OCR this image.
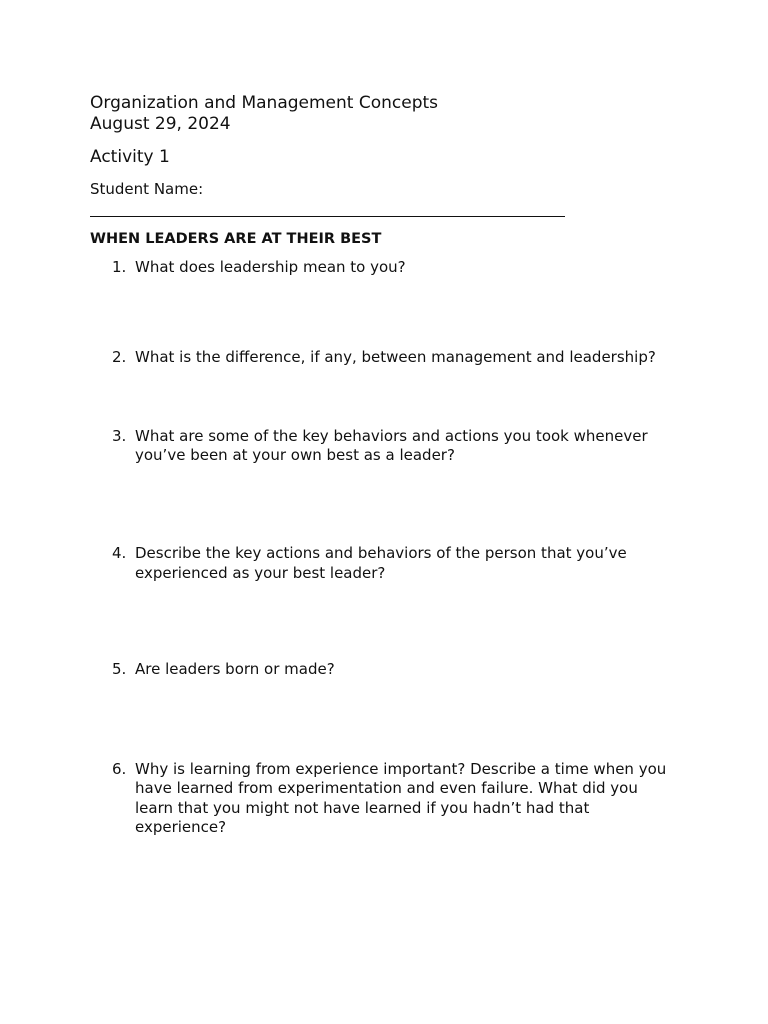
Organization and Management Concepts
August 29, 2024
Activity 1
Student Name:
WHEN LEADERS ARE AT THEIR BEST
1. What does leadership mean to you?
2. What is the difference, if any, between management and leadership?
3. What are some of the key behaviors and actions you took whenever
you’ve been at your own best as a leader?
4. Describe the key actions and behaviors of the person that you’ve
experienced as your best leader?
5. Are leaders born or made?
6. Why is learning from experience important? Describe a time when you
have learned from experimentation and even failure. What did you
learn that you might not have learned if you hadn’t had that
experience?
